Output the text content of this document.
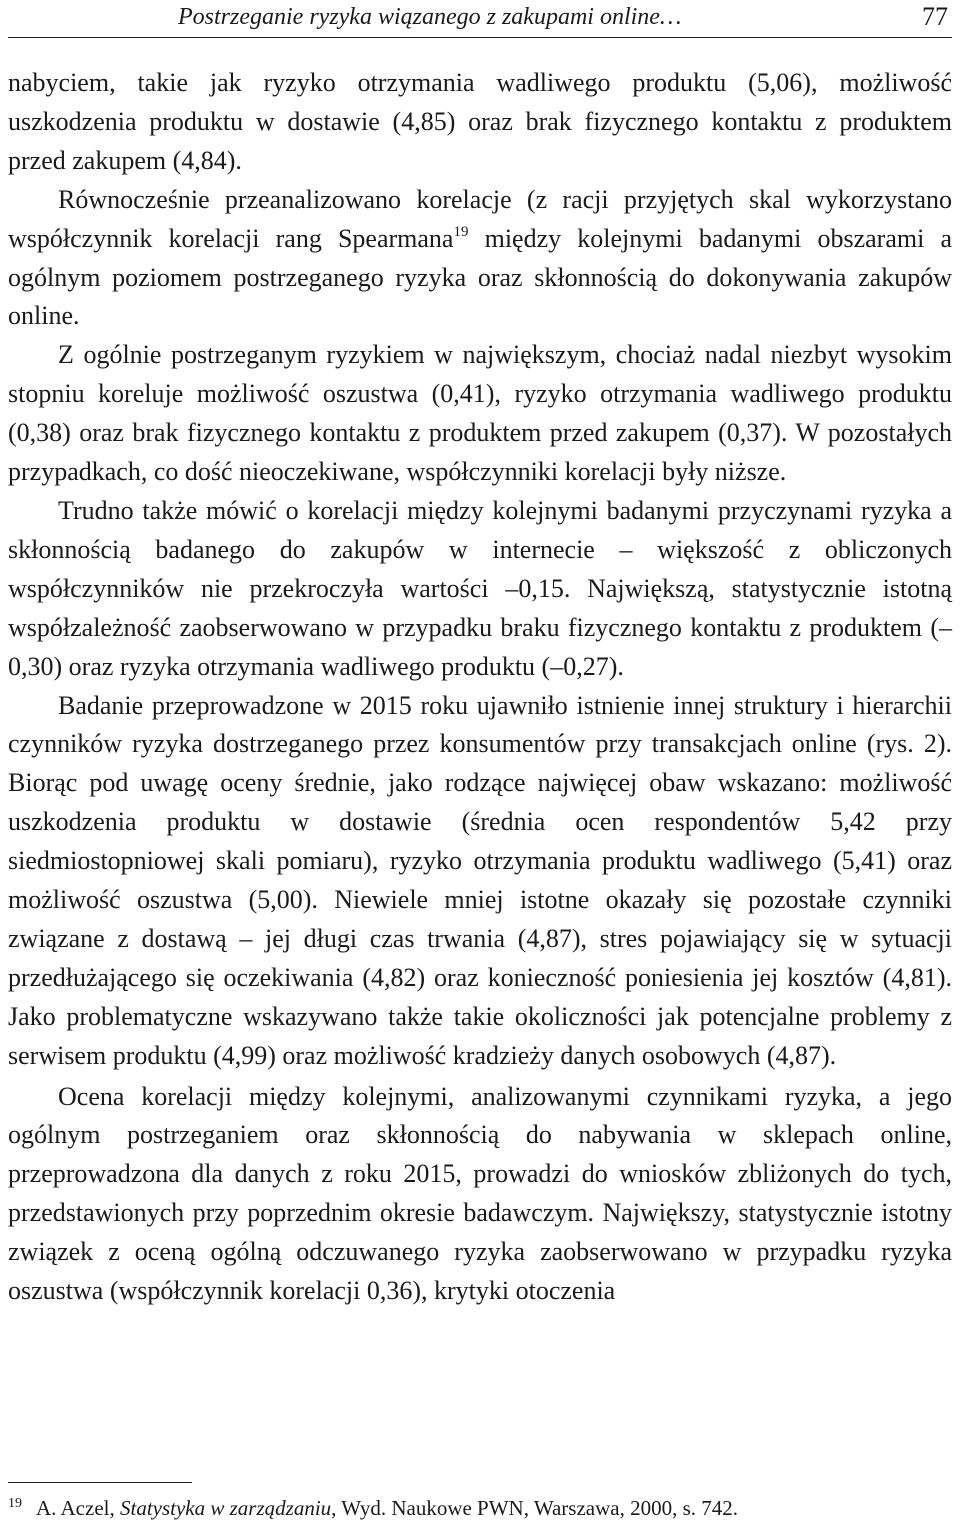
Postrzeganie ryzyka wiązanego z zakupami online…	77

nabyciem, takie jak ryzyko otrzymania wadliwego produktu (5,06), możliwość uszkodzenia produktu w dostawie (4,85) oraz brak fizycznego kontaktu z produktem przed zakupem (4,84).

Równocześnie przeanalizowano korelacje (z racji przyjętych skal wykorzystano współczynnik korelacji rang Spearmana$^{19}$ między kolejnymi badanymi obszarami a ogólnym poziomem postrzeganego ryzyka oraz skłonnością do dokonywania zakupów online.

Z ogólnie postrzeganym ryzykiem w największym, chociaż nadal niezbyt wysokim stopniu koreluje możliwość oszustwa (0,41), ryzyko otrzymania wadliwego produktu (0,38) oraz brak fizycznego kontaktu z produktem przed zakupem (0,37). W pozostałych przypadkach, co dość nieoczekiwane, współczynniki korelacji były niższe.

Trudno także mówić o korelacji między kolejnymi badanymi przyczynami ryzyka a skłonnością badanego do zakupów w internecie – większość z obliczonych współczynników nie przekroczyła wartości –0,15. Największą, statystycznie istotną współzależność zaobserwowano w przypadku braku fizycznego kontaktu z produktem (–0,30) oraz ryzyka otrzymania wadliwego produktu (–0,27).

Badanie przeprowadzone w 2015 roku ujawniło istnienie innej struktury i hierarchii czynników ryzyka dostrzeganego przez konsumentów przy transakcjach online (rys. 2). Biorąc pod uwagę oceny średnie, jako rodzące najwięcej obaw wskazano: możliwość uszkodzenia produktu w dostawie (średnia ocen respondentów 5,42 przy siedmiostopniowej skali pomiaru), ryzyko otrzymania produktu wadliwego (5,41) oraz możliwość oszustwa (5,00). Niewiele mniej istotne okazały się pozostałe czynniki związane z dostawą – jej długi czas trwania (4,87), stres pojawiający się w sytuacji przedłużającego się oczekiwania (4,82) oraz konieczność poniesienia jej kosztów (4,81). Jako problematyczne wskazywano także takie okoliczności jak potencjalne problemy z serwisem produktu (4,99) oraz możliwość kradzieży danych osobowych (4,87).

Ocena korelacji między kolejnymi, analizowanymi czynnikami ryzyka, a jego ogólnym postrzeganiem oraz skłonnością do nabywania w sklepach online, przeprowadzona dla danych z roku 2015, prowadzi do wniosków zbliżonych do tych, przedstawionych przy poprzednim okresie badawczym. Największy, statystycznie istotny związek z oceną ogólną odczuwanego ryzyka zaobserwowano w przypadku ryzyka oszustwa (współczynnik korelacji 0,36), krytyki otoczenia

$^{19}$ A. Aczel, Statystyka w zarządzaniu, Wyd. Naukowe PWN, Warszawa, 2000, s. 742.
